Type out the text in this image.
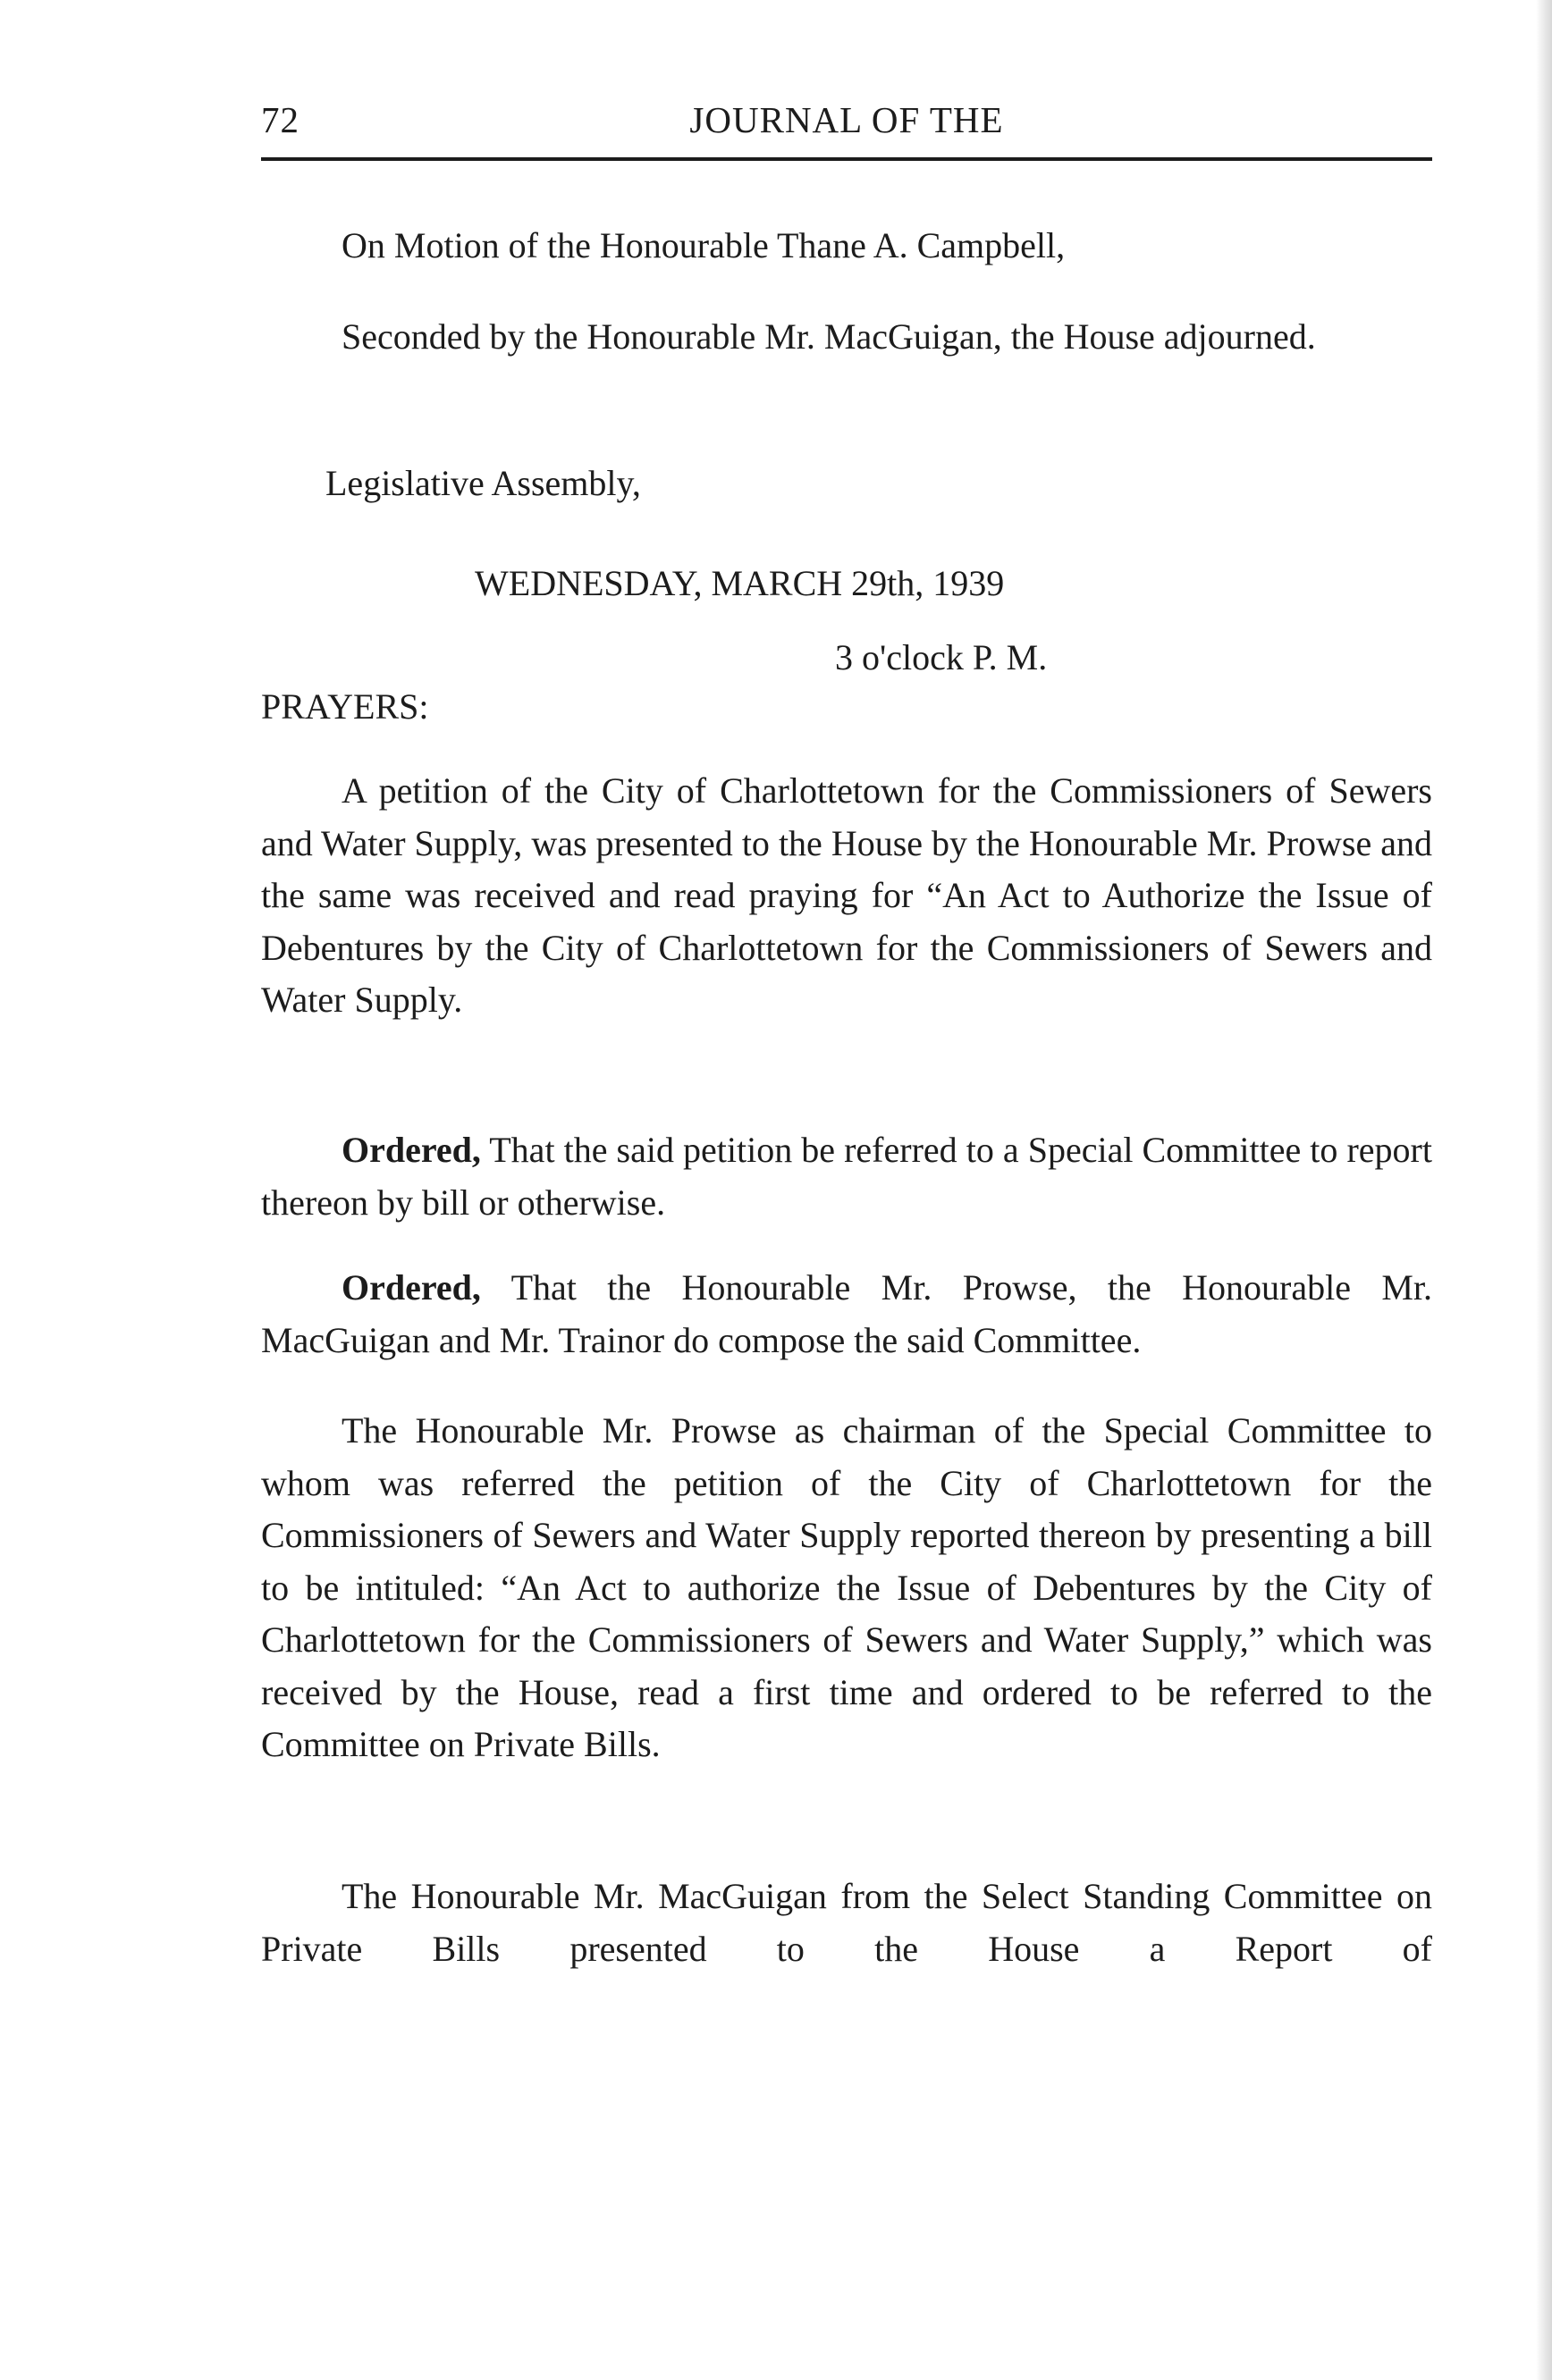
72	JOURNAL OF THE

On Motion of the Honourable Thane A. Campbell,

Seconded by the Honourable Mr. MacGuigan, the House adjourned.

Legislative Assembly,

WEDNESDAY, MARCH 29th, 1939

3 o'clock P. M.

PRAYERS:

A petition of the City of Charlottetown for the Commissioners of Sewers and Water Supply, was presented to the House by the Honourable Mr. Prowse and the same was received and read praying for “An Act to Authorize the Issue of Debentures by the City of Charlottetown for the Commissioners of Sewers and Water Supply.

Ordered, That the said petition be referred to a Special Committee to report thereon by bill or otherwise.

Ordered, That the Honourable Mr. Prowse, the Honourable Mr. MacGuigan and Mr. Trainor do compose the said Committee.

The Honourable Mr. Prowse as chairman of the Special Committee to whom was referred the petition of the City of Charlottetown for the Commissioners of Sewers and Water Supply reported thereon by presenting a bill to be intituled: “An Act to authorize the Issue of Debentures by the City of Charlottetown for the Commissioners of Sewers and Water Supply,” which was received by the House, read a first time and ordered to be referred to the Committee on Private Bills.

The Honourable Mr. MacGuigan from the Select Standing Committee on Private Bills presented to the House a Report of
